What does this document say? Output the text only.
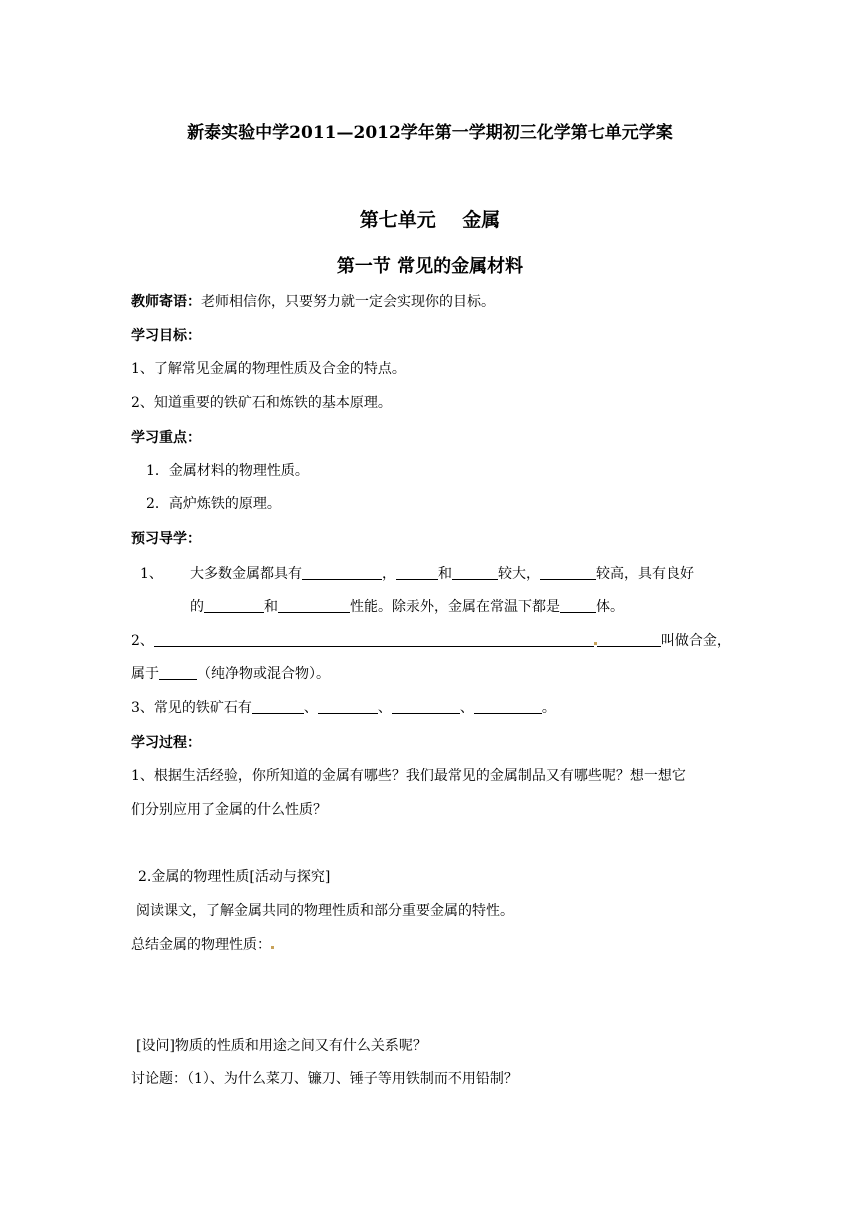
新泰实验中学2011—2012学年第一学期初三化学第七单元学案
第七单元    金属
第一节 常见的金属材料
教师寄语：老师相信你，只要努力就一定会实现你的目标。
学习目标：
1、了解常见金属的物理性质及合金的特点。
2、知道重要的铁矿石和炼铁的基本原理。
学习重点：
1．金属材料的物理性质。
2．高炉炼铁的原理。
预习导学：
1、 大多数金属都具有	，	和	较大，	较高，具有良好
的	和	性能。除汞外，金属在常温下都是	体。
2、	叫做合金，
属于	（纯净物或混合物）。
3、常见的铁矿石有	、	、	、	。
学习过程：
1、根据生活经验，你所知道的金属有哪些？我们最常见的金属制品又有哪些呢？想一想它
们分别应用了金属的什么性质？
2.金属的物理性质[活动与探究]
阅读课文，了解金属共同的物理性质和部分重要金属的特性。
总结金属的物理性质：
[设问]物质的性质和用途之间又有什么关系呢？
讨论题：（1）、为什么菜刀、镰刀、锤子等用铁制而不用铅制？
